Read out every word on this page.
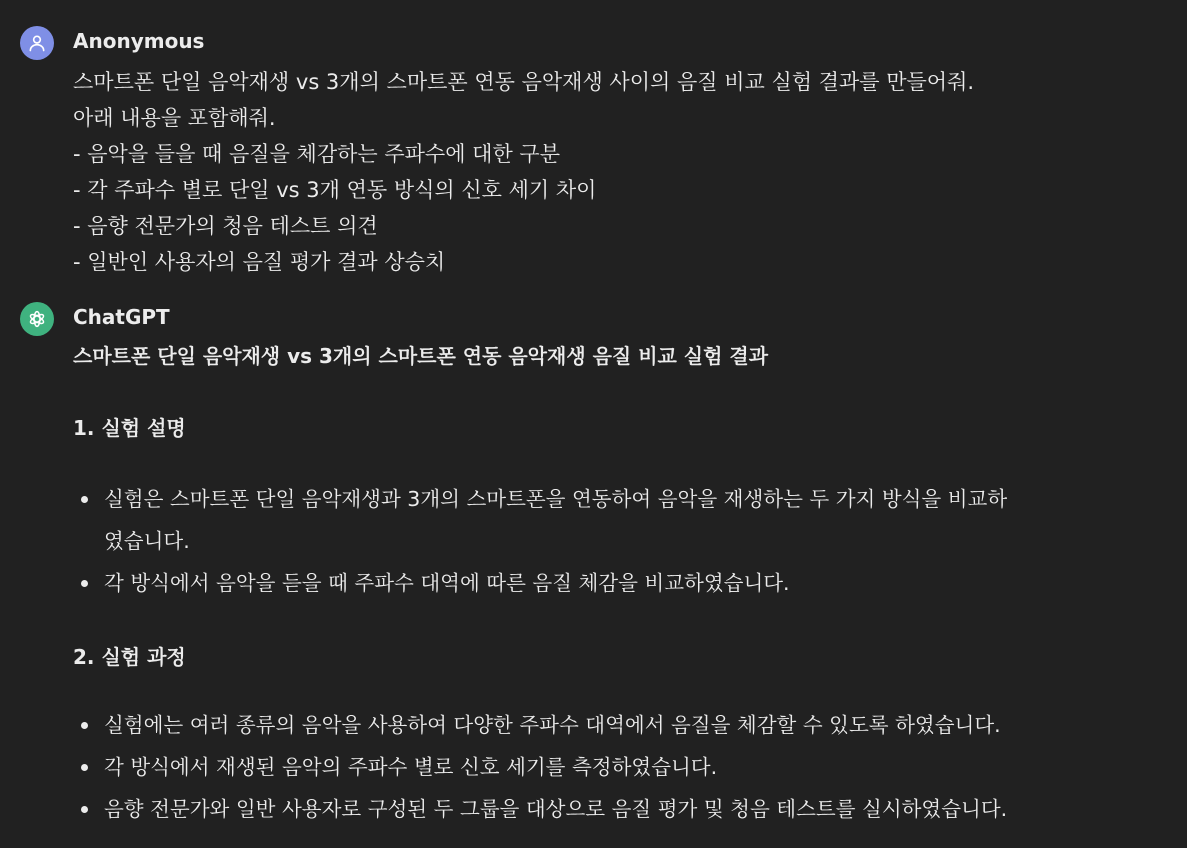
Anonymous
스마트폰 단일 음악재생 vs 3개의 스마트폰 연동 음악재생 사이의 음질 비교 실험 결과를 만들어줘.
아래 내용을 포함해줘.
- 음악을 들을 때 음질을 체감하는 주파수에 대한 구분
- 각 주파수 별로 단일 vs 3개 연동 방식의 신호 세기 차이
- 음향 전문가의 청음 테스트 의견
- 일반인 사용자의 음질 평가 결과 상승치
ChatGPT
스마트폰 단일 음악재생 vs 3개의 스마트폰 연동 음악재생 음질 비교 실험 결과
1. 실험 설명
실험은 스마트폰 단일 음악재생과 3개의 스마트폰을 연동하여 음악을 재생하는 두 가지 방식을 비교하
였습니다.
각 방식에서 음악을 듣을 때 주파수 대역에 따른 음질 체감을 비교하였습니다.
2. 실험 과정
실험에는 여러 종류의 음악을 사용하여 다양한 주파수 대역에서 음질을 체감할 수 있도록 하였습니다.
각 방식에서 재생된 음악의 주파수 별로 신호 세기를 측정하였습니다.
음향 전문가와 일반 사용자로 구성된 두 그룹을 대상으로 음질 평가 및 청음 테스트를 실시하였습니다.
